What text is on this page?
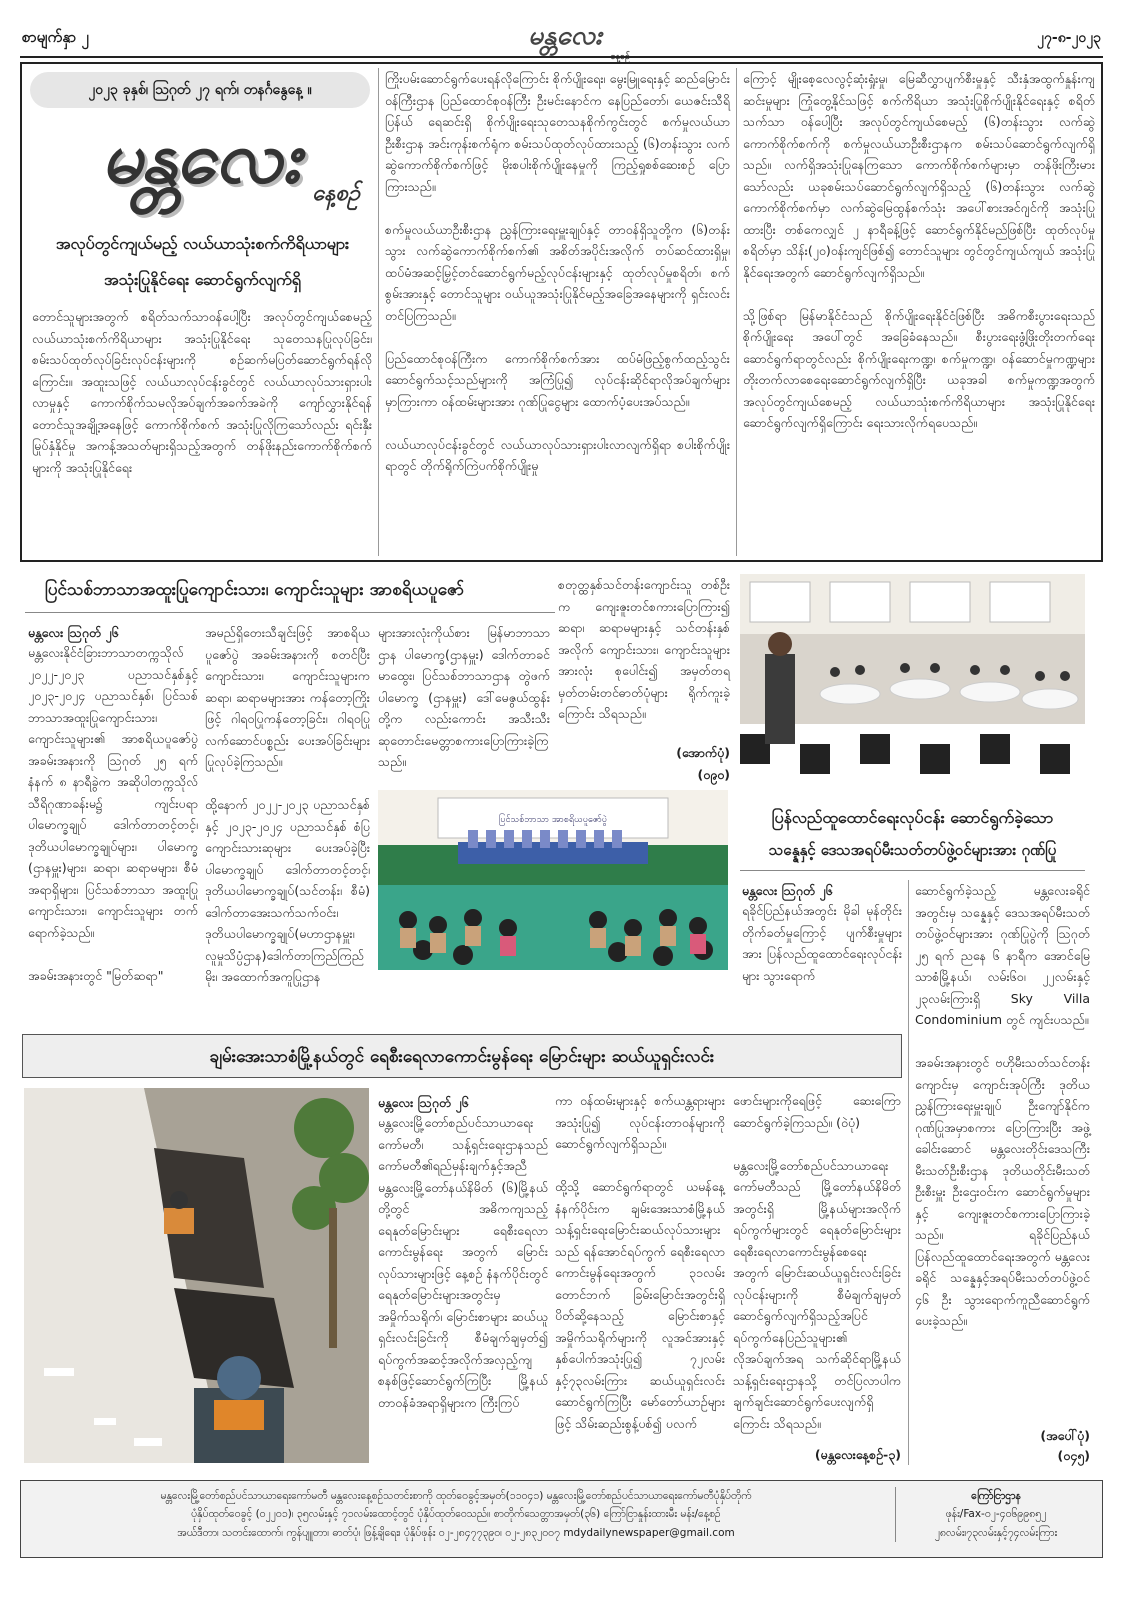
စာမျက်နှာ ၂	မန္တလေး	၂၇-၈-၂၀၂၃
၂၀၂၃ ခုနှစ်၊ ဩဂုတ် ၂၇ ရက်၊ တနင်္ဂနွေနေ့ ။
မန္တလေး နေ့စဉ်
အလုပ်တွင်ကျယ်မည့် လယ်ယာသုံးစက်ကိရိယာများ
အသုံးပြုနိုင်ရေး ဆောင်ရွက်လျက်ရှိ
တောင်သူများအတွက် စရိတ်သက်သာဝန်ပေါ့ပြီး အလုပ်တွင်ကျယ်စေမည့် လယ်ယာသုံးစက်ကိရိယာများ အသုံးပြုနိုင်ရေး သုတေသနပြုလုပ်ခြင်း၊ စမ်းသပ်ထုတ်လုပ်ခြင်းလုပ်ငန်းများကို စဉ်ဆက်မပြတ်ဆောင်ရွက်ရန်လိုကြောင်း။ အထူးသဖြင့် လယ်ယာလုပ်ငန်းခွင်တွင် လယ်ယာလုပ်သားရှားပါးလာမှုနှင့် ကောက်စိုက်သမလိုအပ်ချက်အခက်အခဲကို ကျော်လွှားနိုင်ရန် တောင်သူအချို့အနေဖြင့် ကောက်စိုက်စက် အသုံးပြုလိုကြသော်လည်း ရင်းနှီးမြုပ်နှံနိုင်မှု အကန့်အသတ်များရှိသည့်အတွက် တန်ဖိုးနည်းကောက်စိုက်စက်များကို အသုံးပြုနိုင်ရေး
ကြိုးပမ်းဆောင်ရွက်ပေးရန်လိုကြောင်း စိုက်ပျိုးရေး၊ မွေးမြူရေးနှင့် ဆည်မြောင်းဝန်ကြီးဌာန ပြည်ထောင်စုဝန်ကြီး ဦးမင်းနောင်က နေပြည်တော်၊ ယေဇင်းသီရိပြန်ယ် ရေဆင်းရှိ စိုက်ပျိုးရေးသုတေသနစိုက်ကွင်းတွင် စက်မှုလယ်ယာဦးစီးဌာန အင်းကုန်းစက်ရုံက စမ်းသပ်ထုတ်လုပ်ထားသည့် (၆)တန်းသွား လက်ဆွဲကောက်စိုက်စက်ဖြင့် မိုးစပါးစိုက်ပျိုးနေမှုကို ကြည့်ရှုစစ်ဆေးစဉ် ပြောကြားသည်။

စက်မှုလယ်ယာဦးစီးဌာန ညွှန်ကြားရေးမှူးချုပ်နှင့် တာဝန်ရှိသူတို့က (၆)တန်းသွား လက်ဆွဲကောက်စိုက်စက်၏ အစိတ်အပိုင်းအလိုက် တပ်ဆင်ထားရှိမှု၊ ထပ်မံအဆင့်မြှင့်တင်ဆောင်ရွက်မည့်လုပ်ငန်းများနှင့် ထုတ်လုပ်မှုစရိတ်၊ စက်စွမ်းအားနှင့် တောင်သူများ ဝယ်ယူအသုံးပြုနိုင်မည့်အခြေအနေများကို ရှင်းလင်းတင်ပြကြသည်။

ပြည်ထောင်စုဝန်ကြီးက ကောက်စိုက်စက်အား ထပ်မံဖြည့်စွက်ထည့်သွင်းဆောင်ရွက်သင့်သည်များကို အကြံပြု၍ လုပ်ငန်းဆိုင်ရာလိုအပ်ချက်များ မှာကြားကာ ဝန်ထမ်းများအား ဂုဏ်ပြုငွေများ ထောက်ပံ့ပေးအပ်သည်။

လယ်ယာလုပ်ငန်းခွင်တွင် လယ်ယာလုပ်သားရှားပါးလာလျက်ရှိရာ စပါးစိုက်ပျိုးရာတွင် တိုက်ရိုက်ကြဲပက်စိုက်ပျိုးမှု
ကြောင့် မျိုးစေ့လေလွင့်ဆုံးရှုံးမှု၊ မြေဆီလွှာပျက်စီးမှုနှင့် သီးနှံအထွက်နှုန်းကျဆင်းမှုများ ကြုံတွေ့နိုင်သဖြင့် စက်ကိရိယာ အသုံးပြုစိုက်ပျိုးနိုင်ရေးနှင့် စရိတ်သက်သာ ဝန်ပေါ့ပြီး အလုပ်တွင်ကျယ်စေမည့် (၆)တန်းသွား လက်ဆွဲကောက်စိုက်စက်ကို စက်မှုလယ်ယာဦးစီးဌာနက စမ်းသပ်ဆောင်ရွက်လျက်ရှိသည်။ လက်ရှိအသုံးပြုနေကြသော ကောက်စိုက်စက်များမှာ တန်ဖိုးကြီးမားသော်လည်း ယခုစမ်းသပ်ဆောင်ရွက်လျက်ရှိသည့် (၆)တန်းသွား လက်ဆွဲကောက်စိုက်စက်မှာ လက်ဆွဲမြေထွန်စက်သုံး အပေါ်စားအင်ဂျင်ကို အသုံးပြုထားပြီး တစ်ကေလျှင် ၂ နာရီခန့်ဖြင့် ဆောင်ရွက်နိုင်မည်ဖြစ်ပြီး ထုတ်လုပ်မှုစရိတ်မှာ သိန်း(၂၀)ဝန်းကျင်ဖြစ်၍ တောင်သူများ တွင်တွင်ကျယ်ကျယ် အသုံးပြုနိုင်ရေးအတွက် ဆောင်ရွက်လျက်ရှိသည်။

သို့ဖြစ်ရာ မြန်မာနိုင်ငံသည် စိုက်ပျိုးရေးနိုင်ငံဖြစ်ပြီး အဓိကစီးပွားရေးသည် စိုက်ပျိုးရေး အပေါ်တွင် အခြေခံနေသည်။ စီးပွားရေးဖွံ့ဖြိုးတိုးတက်ရေး ဆောင်ရွက်ရာတွင်လည်း စိုက်ပျိုးရေးကဏ္ဍ၊ စက်မှုကဏ္ဍ၊ ဝန်ဆောင်မှုကဏ္ဍများ တိုးတက်လာစေရေးဆောင်ရွက်လျက်ရှိပြီး ယခုအခါ စက်မှုကဏ္ဍအတွက် အလုပ်တွင်ကျယ်စေမည့် လယ်ယာသုံးစက်ကိရိယာများ အသုံးပြုနိုင်ရေး ဆောင်ရွက်လျက်ရှိကြောင်း ရေးသားလိုက်ရပေသည်။
ပြင်သစ်ဘာသာအထူးပြုကျောင်းသား၊ ကျောင်းသူများ အာစရိယပူဇော်
မန္တလေး ဩဂုတ် ၂၆
မန္တလေးနိုင်ငံခြားဘာသာတက္ကသိုလ် ၂၀၂၂-၂၀၂၃ ပညာသင်နှစ်နှင့် ၂၀၂၃-၂၀၂၄ ပညာသင်နှစ်၊ ပြင်သစ်ဘာသာအထူးပြုကျောင်းသား၊ ကျောင်းသူများ၏ အာစရိယပူဇော်ပွဲ အခမ်းအနားကို ဩဂုတ် ၂၅ ရက် နံနက် ၈ နာရီခွဲက အဆိုပါတက္ကသိုလ် သီရိဂုဏာခန်းမ၌ ကျင်းပရာ ပါမောက္ခချုပ် ဒေါက်တာတင့်တင့်၊ ဒုတိယပါမောက္ခချုပ်များ၊ ပါမောက္ခ (ဌာနမှူး)များ၊ ဆရာ၊ ဆရာမများ၊ စီမံအရာရှိများ၊ ပြင်သစ်ဘာသာ အထူးပြုကျောင်းသား၊ ကျောင်းသူများ တက်ရောက်ခဲ့သည်။

အခမ်းအနားတွင် "မြတ်ဆရာ"
အမည်ရှိတေးသီချင်းဖြင့် အာစရိယပူဇော်ပွဲ အခမ်းအနားကို စတင်ပြီး ကျောင်းသား၊ ကျောင်းသူများက ဆရာ၊ ဆရာမများအား ကန်တော့ကြိုးဖြင့် ဂါရဝပြုကန်တော့ခြင်း၊ ဂါရဝပြုလက်ဆောင်ပစ္စည်း ပေးအပ်ခြင်းများ ပြုလုပ်ခဲ့ကြသည်။

ထို့နောက် ၂၀၂၂-၂၀၂၃ ပညာသင်နှစ်နှင့် ၂၀၂၃-၂၀၂၄ ပညာသင်နှစ် စံပြကျောင်းသားဆုများ ပေးအပ်ခဲ့ပြီး ပါမောက္ခချုပ် ဒေါက်တာတင့်တင့်၊ ဒုတိယပါမောက္ခချုပ်(သင်တန်း၊ စီမံ) ဒေါက်တာအေးသက်သက်ဝင်း၊ ဒုတိယပါမောက္ခချုပ်(မဟာဌာနမှူး၊ လူမှုသိပ္ပံဌာန)ဒေါက်တာကြည်ကြည်မိုး၊ အထောက်အကူပြုဌာန
များအားလုံးကိုယ်စား မြန်မာဘာသာဌာန ပါမောက္ခ(ဌာနမှူး) ဒေါက်တာခင်မာထွေး၊ ပြင်သစ်ဘာသာဌာန တွဲဖက်ပါမောက္ခ (ဌာနမှူး) ဒေါ်မေဇွယ်ထွန်းတို့က လည်းကောင်း အသီးသီးဆုတောင်းမေတ္တာစကားပြောကြားခဲ့ကြသည်။
စတုတ္ထနှစ်သင်တန်းကျောင်းသူ တစ်ဦးက ကျေးဇူးတင်စကားပြောကြား၍ ဆရာ၊ ဆရာမများနှင့် သင်တန်းနှစ်အလိုက် ကျောင်းသား၊ ကျောင်းသူများအားလုံး စုပေါင်း၍ အမှတ်တရ မှတ်တမ်းတင်ဓာတ်ပုံများ ရိုက်ကူးခဲ့ကြောင်း သိရသည်။
(အောက်ပုံ)
(ဝ၉၀)
ပြင်သစ်ဘာသာ အာစရိယပူဇော်ပွဲ	ပြန်လည်ထူထောင်ရေးလုပ်ငန်း ဆောင်ရွက်ခဲ့သော
သန္နေနှင့် ဒေသအရပ်မီးသတ်တပ်ဖွဲ့ဝင်များအား ဂုဏ်ပြု
မန္တလေး ဩဂုတ် ၂၆
ရခိုင်ပြည်နယ်အတွင်း မိုခါ မုန်တိုင်းတိုက်ခတ်မှုကြောင့် ပျက်စီးမှုများအား ပြန်လည်ထူထောင်ရေးလုပ်ငန်းများ သွားရောက်
ဆောင်ရွက်ခဲ့သည့် မန္တလေးခရိုင်အတွင်းမှ သန္နေနှင့် ဒေသအရပ်မီးသတ်တပ်ဖွဲ့ဝင်များအား ဂုဏ်ပြုပွဲကို ဩဂုတ် ၂၅ ရက် ညနေ ၆ နာရီက အောင်မြေသာစံမြို့နယ်၊ လမ်း၆၀၊ ၂၂လမ်းနှင့် ၂၃လမ်းကြားရှိ Sky Villa Condominium တွင် ကျင်းပသည်။

အခမ်းအနားတွင် ဗဟိုမီးသတ်သင်တန်းကျောင်းမှ ကျောင်းအုပ်ကြီး ဒုတိယညွှန်ကြားရေးမှူးချုပ် ဦးကျော်နိုင်က ဂုဏ်ပြုအမှာစကား ပြောကြားပြီး အဖွဲ့ခေါင်းဆောင် မန္တလေးတိုင်းဒေသကြီး မီးသတ်ဦးစီးဌာန ဒုတိယတိုင်းမီးသတ်ဦးစီးမှူး ဦးဌေးဝင်းက ဆောင်ရွက်မှုများနှင့် ကျေးဇူးတင်စကားပြောကြားခဲ့သည်။ ရခိုင်ပြည်နယ် ပြန်လည်ထူထောင်ရေးအတွက် မန္တလေးခရိုင် သန္နေနှင့်အရပ်မီးသတ်တပ်ဖွဲ့ဝင် ၄၆ ဦး သွားရောက်ကူညီဆောင်ရွက်ပေးခဲ့သည်။
(အပေါ်ပုံ)
(ဝ၄၅)
ချမ်းအေးသာစံမြို့နယ်တွင် ရေစီးရေလာကောင်းမွန်ရေး မြောင်းများ ဆယ်ယူရှင်းလင်း
မန္တလေး ဩဂုတ် ၂၆
မန္တလေးမြို့တော်စည်ပင်သာယာရေးကော်မတီ၊ သန့်ရှင်းရေးဌာနသည် ကော်မတီ၏ရည်မှန်းချက်နှင့်အညီ မန္တလေးမြို့တော်နယ်နိမိတ် (၆)မြို့နယ်တို့တွင် အဓိကကျသည့် ရေနုတ်မြောင်းများ ရေစီးရေလာကောင်းမွန်ရေး အတွက် မြောင်းလုပ်သားများဖြင့် နေ့စဉ် နံနက်ပိုင်းတွင် ရေနုတ်မြောင်းများအတွင်းမှ အမှိုက်သရိုက်၊ မြောင်းစာများ ဆယ်ယူရှင်းလင်းခြင်းကို စီမံချက်ချမှတ်၍ ရပ်ကွက်အဆင့်အလိုက်အလှည့်ကျ စနစ်ဖြင့်ဆောင်ရွက်ကြပြီး မြို့နယ်တာဝန်ခံအရာရှိများက ကြီးကြပ်
ကာ ဝန်ထမ်းများနှင့် စက်ယန္တရားများ အသုံးပြု၍ လုပ်ငန်းတာဝန်များကို ဆောင်ရွက်လျက်ရှိသည်။

ထို့သို့ ဆောင်ရွက်ရာတွင် ယမန်နေ့ နံနက်ပိုင်းက ချမ်းအေးသာစံမြို့နယ် သန့်ရှင်းရေးမြောင်းဆယ်လုပ်သားများသည် ရန်အောင်ရပ်ကွက် ရေစီးရေလာကောင်းမွန်ရေးအတွက် ၃၁လမ်းတောင်ဘက် ခြမ်းမြောင်းအတွင်းရှိ ပိတ်ဆို့နေသည့် မြောင်းစာနှင့် အမှိုက်သရိုက်များကို လူအင်အားနှင့်နှစ်ပေါက်အသုံးပြု၍ ၇၂လမ်းနှင့်၇၃လမ်းကြား ဆယ်ယူရှင်းလင်းဆောင်ရွက်ကြပြီး မော်တော်ယာဉ်များဖြင့် သိမ်းဆည်းစွန့်ပစ်၍ ပလက်
ဖောင်းများကိုရေဖြင့် ဆေးကြောဆောင်ရွက်ခဲ့ကြသည်။ (ဝဲပုံ)

မန္တလေးမြို့တော်စည်ပင်သာယာရေးကော်မတီသည် မြို့တော်နယ်နိမိတ်အတွင်းရှိ မြို့နယ်များအလိုက် ရပ်ကွက်များတွင် ရေနုတ်မြောင်းများ ရေစီးရေလာကောင်းမွန်စေရေးအတွက် မြောင်းဆယ်ယူရှင်းလင်းခြင်းလုပ်ငန်းများကို စီမံချက်ချမှတ်ဆောင်ရွက်လျက်ရှိသည့်အပြင် ရပ်ကွက်နေပြည်သူများ၏ လိုအပ်ချက်အရ သက်ဆိုင်ရာမြို့နယ်သန့်ရှင်းရေးဌာနသို့ တင်ပြလာပါက ချက်ချင်းဆောင်ရွက်ပေးလျက်ရှိကြောင်း သိရသည်။
(မန္တလေးနေ့စဉ်-၃)
မန္တလေးမြို့တော်စည်ပင်သာယာရေးကော်မတီ မန္တလေးနေ့စဉ်သတင်းစာကို ထုတ်ဝေခွင့်အမှတ်(၁၁၀၄၁) မန္တလေးမြို့တော်စည်ပင်သာယာရေးကော်မတီပုံနှိပ်တိုက်
ပုံနှိပ်ထုတ်ဝေခွင့် (၀၂၂၀၁)၊ ၃၅လမ်းနှင့် ၇၁လမ်းထောင့်တွင် ပုံနှိပ်ထုတ်ဝေသည်။ စာတိုက်သေတ္တာအမှတ်(၃၆) ကြော်ငြာနှုန်းထားမီး မန်း/နေ့စဉ်
အယ်ဒီတာ၊ သတင်းထောက်၊ ကွန်ပျူတာ၊ ဓာတ်ပုံ၊ ဖြန့်ချိရေး၊ ပုံနှိပ်ဖုန်း ၀၂-၂၈၄၇၇၃၉၀၊ ၀၂-၂၈၃၂၀၀၇ mdydailynewspaper@gmail.com
ကြော်ငြာဌာန
ဖုန်း/Fax-၀၂-၄၀၆၉၉၈၅၂
၂၈လမ်း၊၇၃လမ်းနှင့်၇၄လမ်းကြား
